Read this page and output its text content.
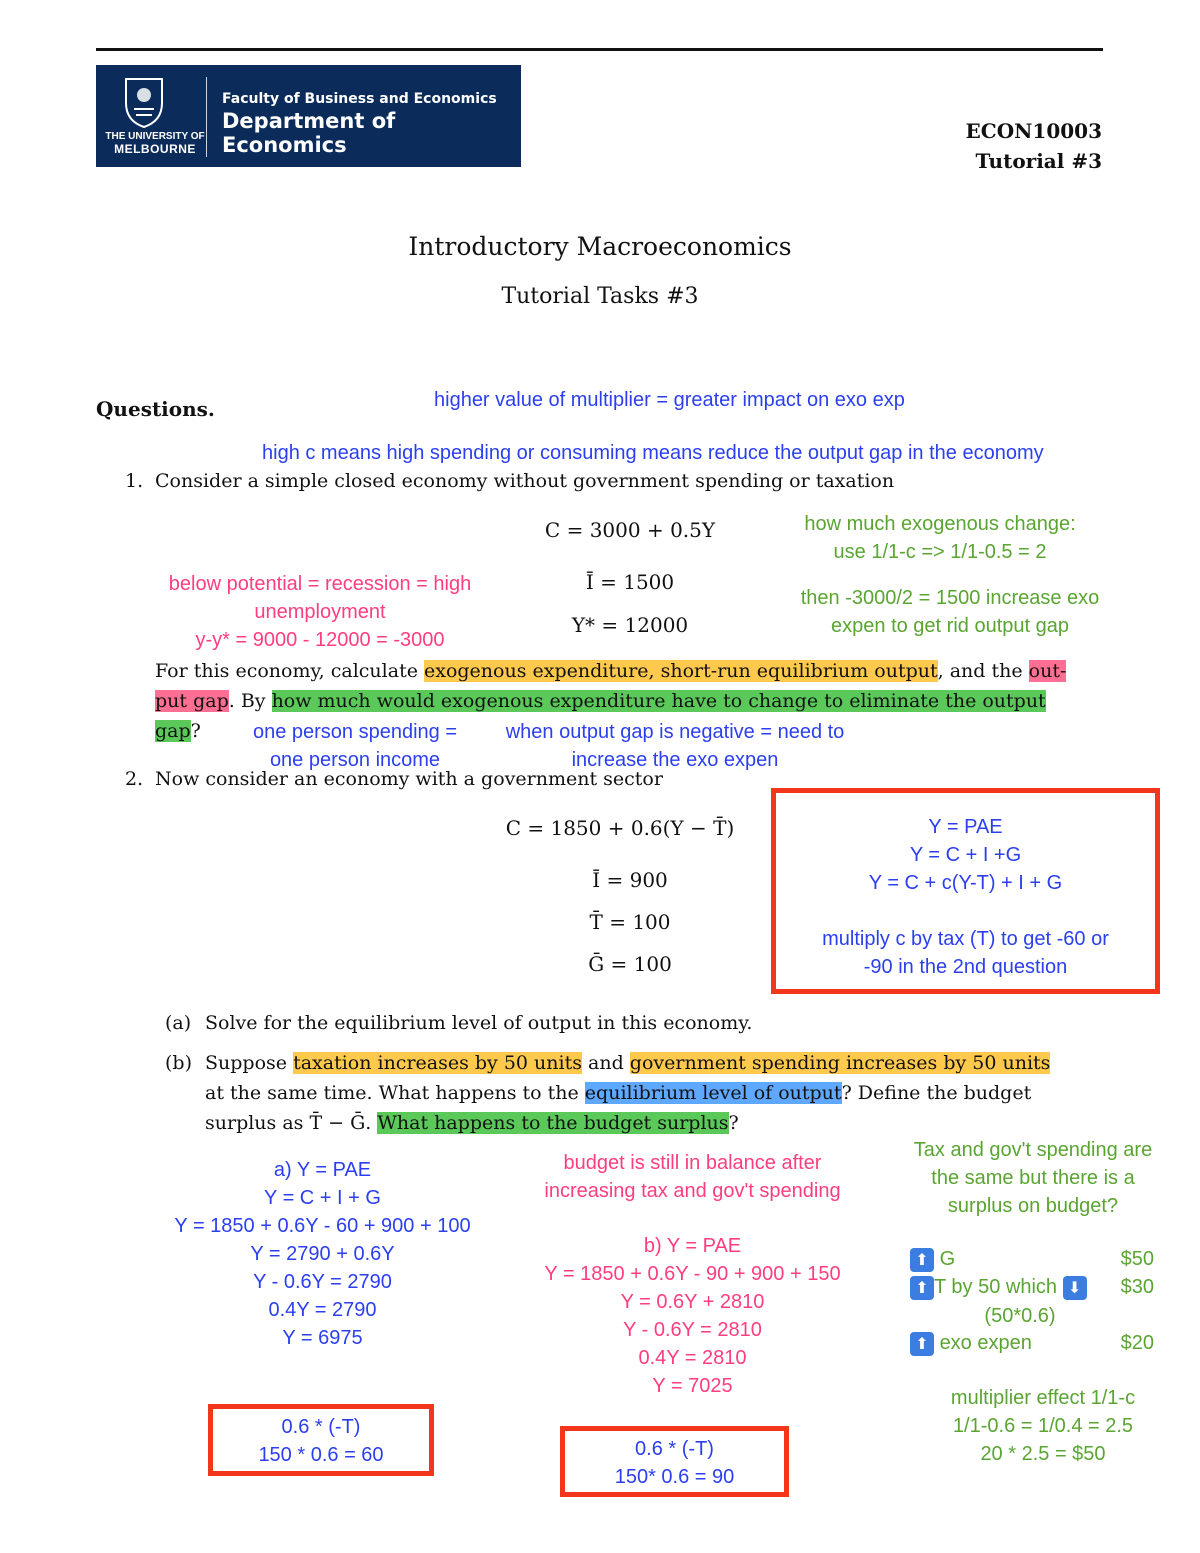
THE UNIVERSITY OF
MELBOURNE
Faculty of Business and Economics
Department of Economics
ECON10003
Tutorial #3
Introductory Macroeconomics
Tutorial Tasks #3
Questions.	higher value of multiplier = greater impact on exo exp
high c means high spending or consuming means reduce the output gap in the economy
1. Consider a simple closed economy without government spending or taxation
C = 3000 + 0.5Y
Ī = 1500
Y* = 12000
how much exogenous change:
use 1/1-c => 1/1-0.5 = 2
below potential = recession = high
unemployment
y-y* = 9000 - 12000 = -3000
then -3000/2 = 1500 increase exo
expen to get rid output gap
For this economy, calculate exogenous expenditure, short-run equilibrium output, and the out-
put gap. By how much would exogenous expenditure have to change to eliminate the output
gap?	one person spending =
one person income
when output gap is negative = need to
increase the exo expen
2. Now consider an economy with a government sector
C = 1850 + 0.6(Y − T̄)
Ī = 900
T̄ = 100
Ḡ = 100
Y = PAE
Y = C + I +G
Y = C + c(Y-T) + I + G
multiply c by tax (T) to get -60 or
-90 in the 2nd question
(a) Solve for the equilibrium level of output in this economy.
(b) Suppose taxation increases by 50 units and government spending increases by 50 units
at the same time. What happens to the equilibrium level of output? Define the budget
surplus as T̄ − Ḡ. What happens to the budget surplus?
a) Y = PAE
Y = C + I + G
Y = 1850 + 0.6Y - 60 + 900 + 100
Y = 2790 + 0.6Y
Y - 0.6Y = 2790
0.4Y = 2790
Y = 6975
budget is still in balance after
increasing tax and gov't spending
b) Y = PAE
Y = 1850 + 0.6Y - 90 + 900 + 150
Y = 0.6Y + 2810
Y - 0.6Y = 2810
0.4Y = 2810
Y = 7025
Tax and gov't spending are
the same but there is a
surplus on budget?
⬆ G	$50
⬆ T by 50 which ⬇ $30
(50*0.6)
⬆ exo expen	$20
multiplier effect 1/1-c
1/1-0.6 = 1/0.4 = 2.5
20 * 2.5 = $50
0.6 * (-T)
150 * 0.6 = 60	0.6 * (-T)
150* 0.6 = 90
